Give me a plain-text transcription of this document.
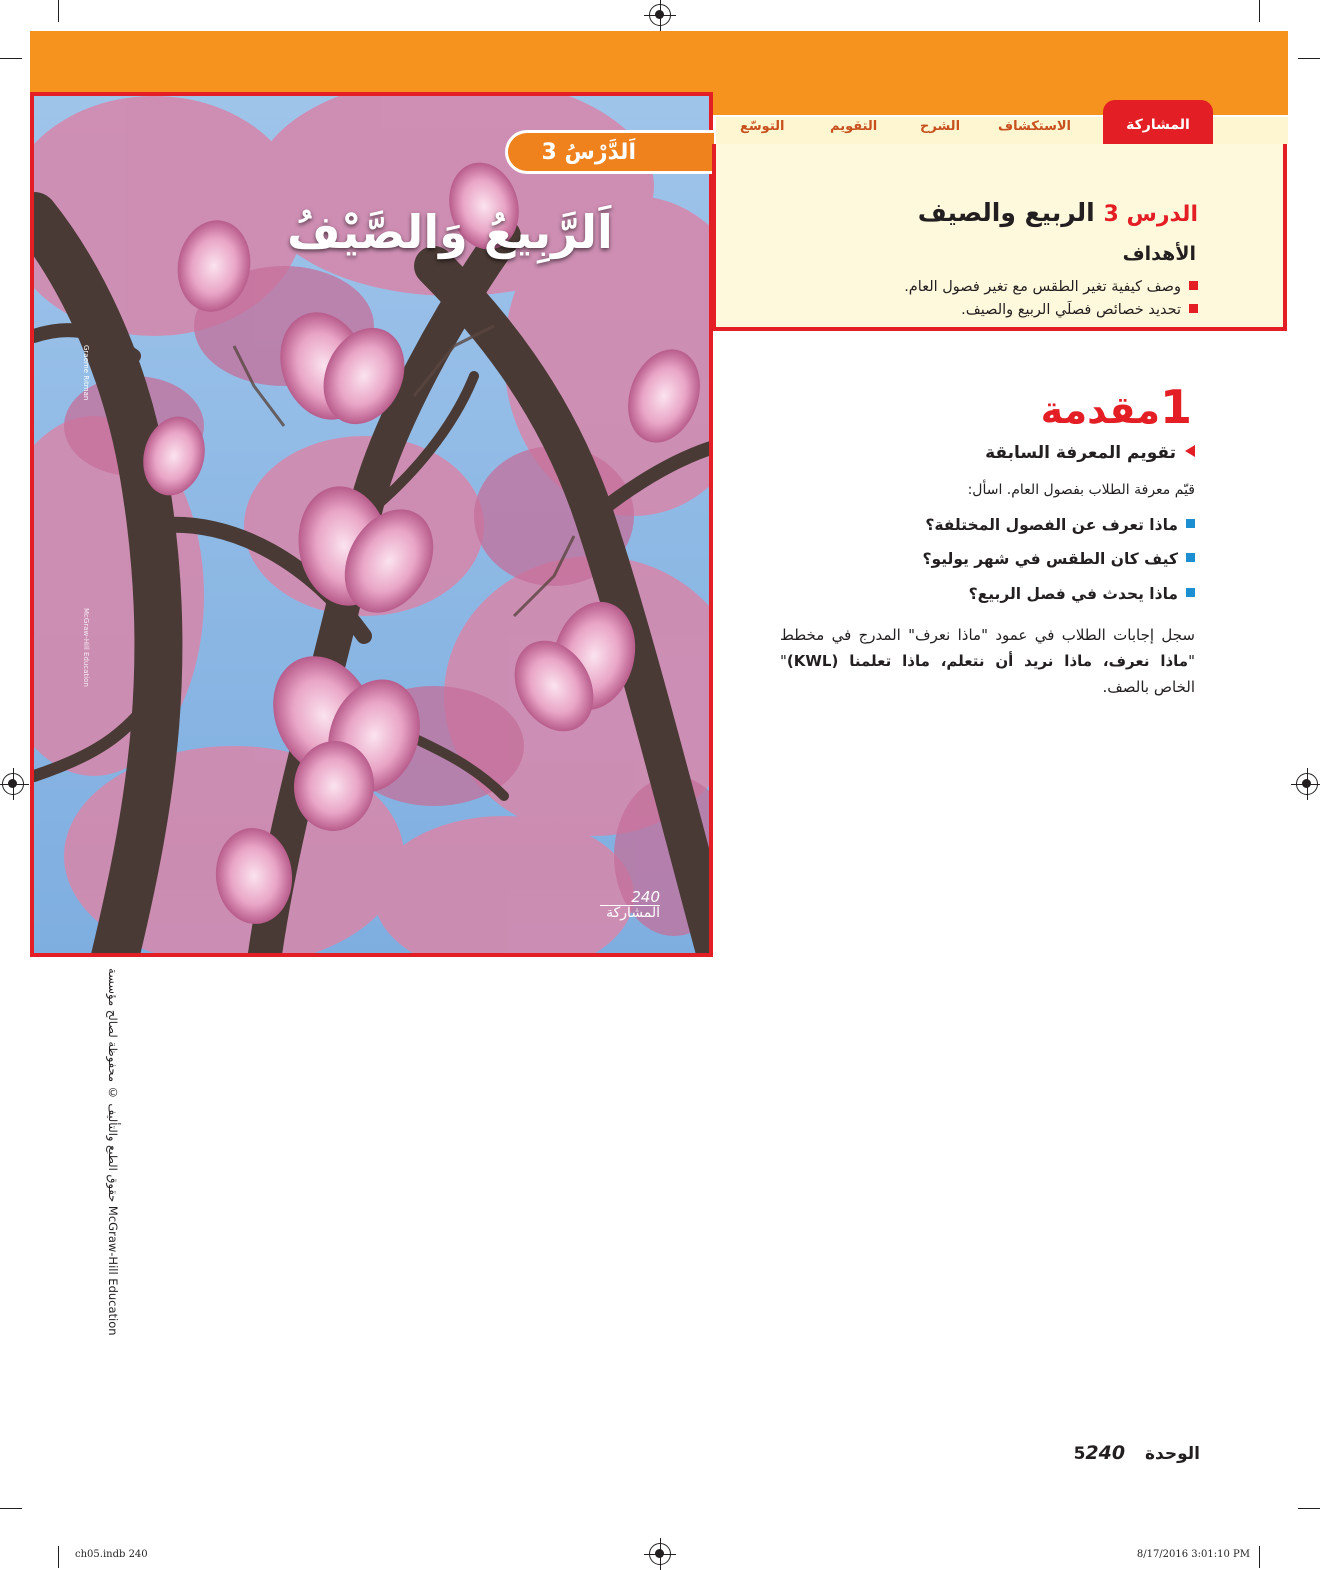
اَلدَّرْسُ 3
اَلرَّبِيعُ وَالصَّيْفُ
Graeme Ritman
McGraw-Hill Education
240
المشاركة
المشاركة
الاستكشاف
الشرح
التقويم
التوسّع
الدرس 3 الربيع والصيف
الأهداف
وصف كيفية تغير الطقس مع تغير فصول العام.
تحديد خصائص فصلَي الربيع والصيف.
1مقدمة
تقويم المعرفة السابقة
قيّم معرفة الطلاب بفصول العام. اسأل:
ماذا تعرف عن الفصول المختلفة؟
كيف كان الطقس في شهر يوليو؟
ماذا يحدث في فصل الربيع؟
سجل إجابات الطلاب في عمود "ماذا نعرف" المدرج في مخطط "ماذا نعرف، ماذا نريد أن نتعلم، ماذا تعلمنا (KWL)" الخاص بالصف.
حقوق الطبع والتأليف © محفوظة لصالح مؤسسة McGraw-Hill Education
الوحدة 5240
ch05.indb 240	8/17/2016 3:01:10 PM
